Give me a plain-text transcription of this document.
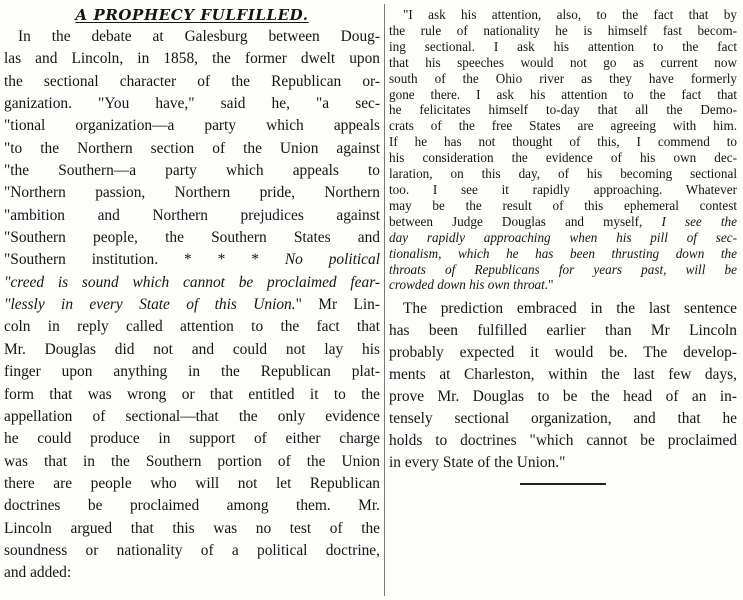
A PROPHECY FULFILLED.
In the debate at Galesburg between Doug-
las and Lincoln, in 1858, the former dwelt upon
the sectional character of the Republican or-
ganization. "You have," said he, "a sec-
"tional organization—a party which appeals
"to the Northern section of the Union against
"the Southern—a party which appeals to
"Northern passion, Northern pride, Northern
"ambition and Northern prejudices against
"Southern people, the Southern States and
"Southern institution. * * * No political
"creed is sound which cannot be proclaimed fear-
"lessly in every State of this Union." Mr Lin-
coln in reply called attention to the fact that
Mr. Douglas did not and could not lay his
finger upon anything in the Republican plat-
form that was wrong or that entitled it to the
appellation of sectional—that the only evidence
he could produce in support of either charge
was that in the Southern portion of the Union
there are people who will not let Republican
doctrines be proclaimed among them. Mr.
Lincoln argued that this was no test of the
soundness or nationality of a political doctrine,
and added:
"I ask his attention, also, to the fact that by
the rule of nationality he is himself fast becom-
ing sectional. I ask his attention to the fact
that his speeches would not go as current now
south of the Ohio river as they have formerly
gone there. I ask his attention to the fact that
he felicitates himself to-day that all the Demo-
crats of the free States are agreeing with him.
If he has not thought of this, I commend to
his consideration the evidence of his own dec-
laration, on this day, of his becoming sectional
too. I see it rapidly approaching. Whatever
may be the result of this ephemeral contest
between Judge Douglas and myself, I see the
day rapidly approaching when his pill of sec-
tionalism, which he has been thrusting down the
throats of Republicans for years past, will be
crowded down his own throat."
The prediction embraced in the last sentence
has been fulfilled earlier than Mr Lincoln
probably expected it would be. The develop-
ments at Charleston, within the last few days,
prove Mr. Douglas to be the head of an in-
tensely sectional organization, and that he
holds to doctrines "which cannot be proclaimed
in every State of the Union."
